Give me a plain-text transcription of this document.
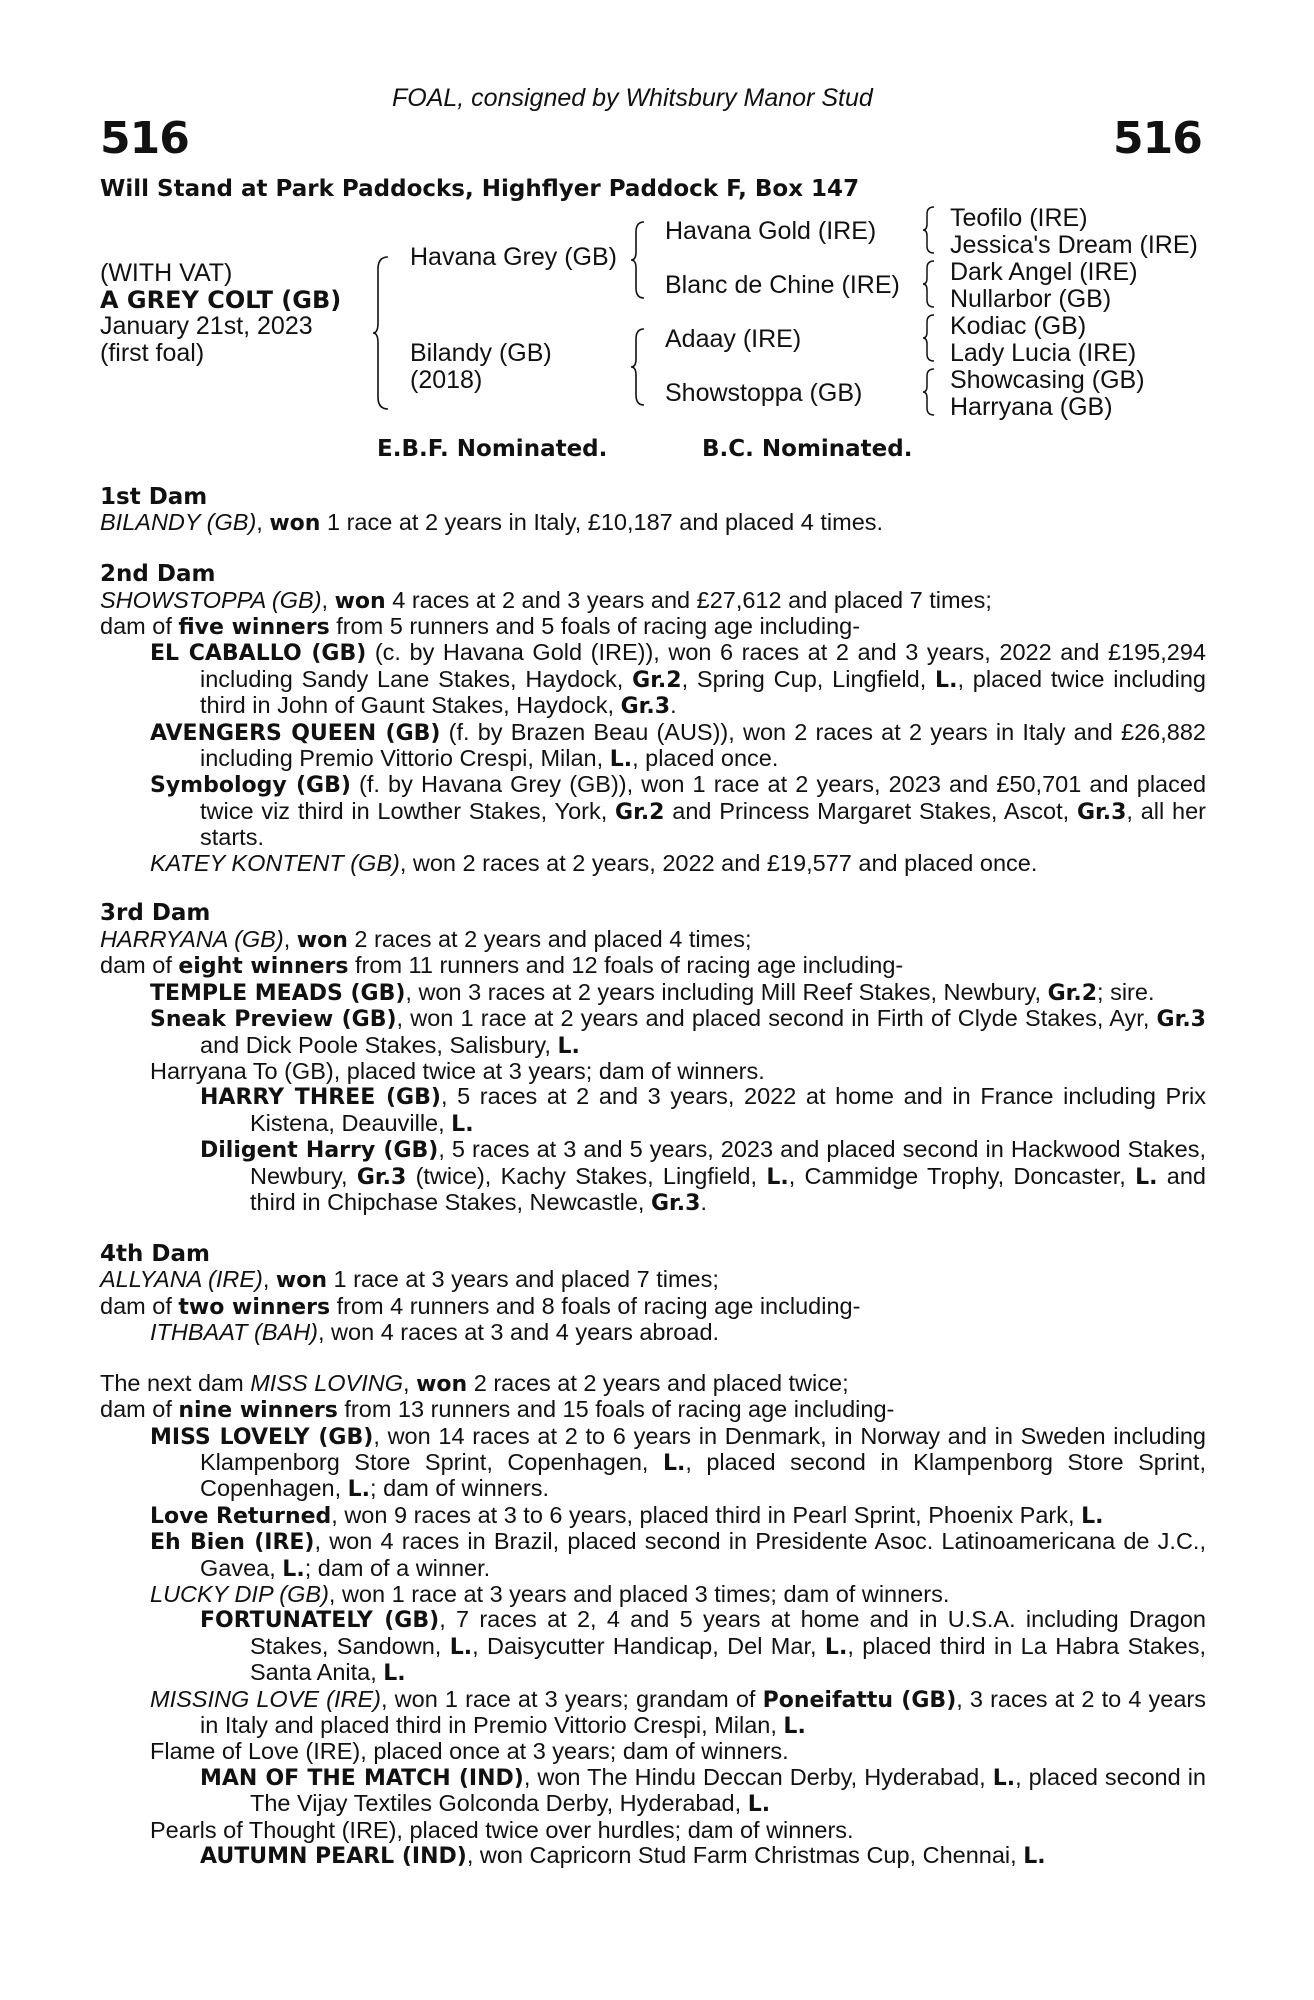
FOAL, consigned by Whitsbury Manor Stud
516	516
Will Stand at Park Paddocks, Highflyer Paddock F, Box 147
(WITH VAT)
A GREY COLT (GB)
January 21st, 2023
(first foal)
Havana Grey (GB)
Bilandy (GB)
(2018)
Havana Gold (IRE)
Blanc de Chine (IRE)
Adaay (IRE)
Showstoppa (GB)
Teofilo (IRE)
Jessica's Dream (IRE)
Dark Angel (IRE)
Nullarbor (GB)
Kodiac (GB)
Lady Lucia (IRE)
Showcasing (GB)
Harryana (GB)
E.B.F. Nominated.	B.C. Nominated.
1st Dam
BILANDY (GB), won 1 race at 2 years in Italy, £10,187 and placed 4 times.
2nd Dam
SHOWSTOPPA (GB), won 4 races at 2 and 3 years and £27,612 and placed 7 times;
dam of five winners from 5 runners and 5 foals of racing age including-
EL CABALLO (GB) (c. by Havana Gold (IRE)), won 6 races at 2 and 3 years, 2022 and £195,294 including Sandy Lane Stakes, Haydock, Gr.2, Spring Cup, Lingfield, L., placed twice including third in John of Gaunt Stakes, Haydock, Gr.3.
AVENGERS QUEEN (GB) (f. by Brazen Beau (AUS)), won 2 races at 2 years in Italy and £26,882 including Premio Vittorio Crespi, Milan, L., placed once.
Symbology (GB) (f. by Havana Grey (GB)), won 1 race at 2 years, 2023 and £50,701 and placed twice viz third in Lowther Stakes, York, Gr.2 and Princess Margaret Stakes, Ascot, Gr.3, all her starts.
KATEY KONTENT (GB), won 2 races at 2 years, 2022 and £19,577 and placed once.
3rd Dam
HARRYANA (GB), won 2 races at 2 years and placed 4 times;
dam of eight winners from 11 runners and 12 foals of racing age including-
TEMPLE MEADS (GB), won 3 races at 2 years including Mill Reef Stakes, Newbury, Gr.2; sire.
Sneak Preview (GB), won 1 race at 2 years and placed second in Firth of Clyde Stakes, Ayr, Gr.3 and Dick Poole Stakes, Salisbury, L.
Harryana To (GB), placed twice at 3 years; dam of winners.
HARRY THREE (GB), 5 races at 2 and 3 years, 2022 at home and in France including Prix Kistena, Deauville, L.
Diligent Harry (GB), 5 races at 3 and 5 years, 2023 and placed second in Hackwood Stakes, Newbury, Gr.3 (twice), Kachy Stakes, Lingfield, L., Cammidge Trophy, Doncaster, L. and third in Chipchase Stakes, Newcastle, Gr.3.
4th Dam
ALLYANA (IRE), won 1 race at 3 years and placed 7 times;
dam of two winners from 4 runners and 8 foals of racing age including-
ITHBAAT (BAH), won 4 races at 3 and 4 years abroad.
The next dam MISS LOVING, won 2 races at 2 years and placed twice;
dam of nine winners from 13 runners and 15 foals of racing age including-
MISS LOVELY (GB), won 14 races at 2 to 6 years in Denmark, in Norway and in Sweden including Klampenborg Store Sprint, Copenhagen, L., placed second in Klampenborg Store Sprint, Copenhagen, L.; dam of winners.
Love Returned, won 9 races at 3 to 6 years, placed third in Pearl Sprint, Phoenix Park, L.
Eh Bien (IRE), won 4 races in Brazil, placed second in Presidente Asoc. Latinoamericana de J.C., Gavea, L.; dam of a winner.
LUCKY DIP (GB), won 1 race at 3 years and placed 3 times; dam of winners.
FORTUNATELY (GB), 7 races at 2, 4 and 5 years at home and in U.S.A. including Dragon Stakes, Sandown, L., Daisycutter Handicap, Del Mar, L., placed third in La Habra Stakes, Santa Anita, L.
MISSING LOVE (IRE), won 1 race at 3 years; grandam of Poneifattu (GB), 3 races at 2 to 4 years in Italy and placed third in Premio Vittorio Crespi, Milan, L.
Flame of Love (IRE), placed once at 3 years; dam of winners.
MAN OF THE MATCH (IND), won The Hindu Deccan Derby, Hyderabad, L., placed second in The Vijay Textiles Golconda Derby, Hyderabad, L.
Pearls of Thought (IRE), placed twice over hurdles; dam of winners.
AUTUMN PEARL (IND), won Capricorn Stud Farm Christmas Cup, Chennai, L.
